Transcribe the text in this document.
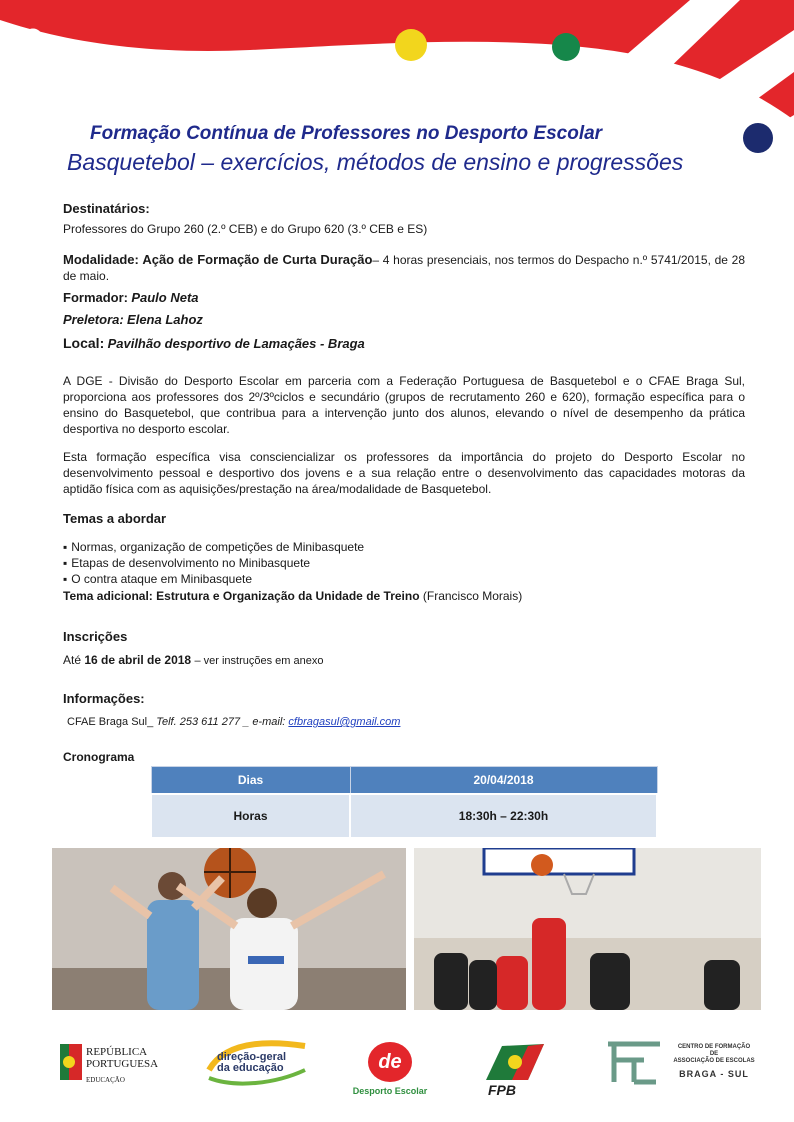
Formação Contínua de Professores no Desporto Escolar
Basquetebol – exercícios, métodos de ensino e progressões
Destinatários:
Professores do Grupo 260 (2.º CEB) e do Grupo 620 (3.º CEB e ES)
Modalidade: Ação de Formação de Curta Duração– 4 horas presenciais, nos termos do Despacho n.º 5741/2015, de 28 de maio.
Formador: Paulo Neta
Preletora: Elena Lahoz
Local: Pavilhão desportivo de Lamaçães - Braga
A DGE - Divisão do Desporto Escolar em parceria com a Federação Portuguesa de Basquetebol e o CFAE Braga Sul, proporciona aos professores dos 2º/3ºciclos e secundário (grupos de recrutamento 260 e 620), formação específica para o ensino do Basquetebol, que contribua para a intervenção junto dos alunos, elevando o nível de desempenho da prática desportiva no desporto escolar.
Esta formação específica visa consciencializar os professores da importância do projeto do Desporto Escolar no desenvolvimento pessoal e desportivo dos jovens e a sua relação entre o desenvolvimento das capacidades motoras da aptidão física com as aquisições/prestação na área/modalidade de Basquetebol.
Temas a abordar
▪ Normas, organização de competições de Minibasquete
▪ Etapas de desenvolvimento no Minibasquete
▪ O contra ataque em Minibasquete
Tema adicional: Estrutura e Organização da Unidade de Treino (Francisco Morais)
Inscrições
Até 16 de abril de 2018 – ver instruções em anexo
Informações:
CFAE Braga Sul_ Telf. 253 611 277 _ e-mail: cfbragasul@gmail.com
Cronograma
Dias	20/04/2018
Horas	18:30h – 22:30h
REPÚBLICA
PORTUGUESA
EDUCAÇÃO
direção-geral
da educação	de
Desporto Escolar	FPB
CENTRO DE FORMAÇÃO
DE
ASSOCIAÇÃO DE ESCOLAS
BRAGA - SUL
